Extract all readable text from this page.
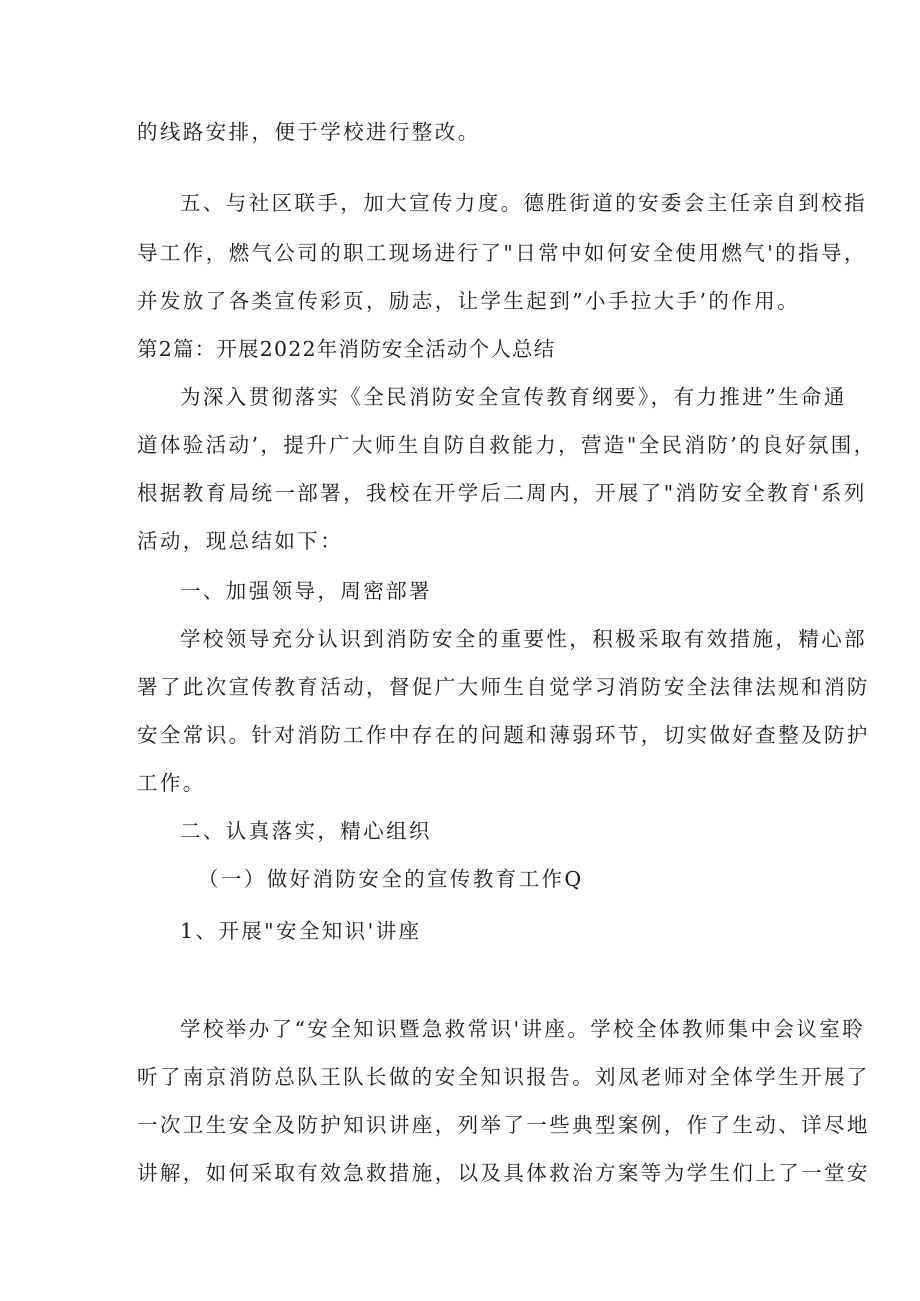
的线路安排，便于学校进行整改。
五、与社区联手，加大宣传力度。德胜街道的安委会主任亲自到校指
导工作，燃气公司的职工现场进行了"日常中如何安全使用燃气'的指导，
并发放了各类宣传彩页，励志，让学生起到”小手拉大手’的作用。
第2篇：开展2022年消防安全活动个人总结
为深入贯彻落实《全民消防安全宣传教育纲要》，有力推进”生命通
道体验活动’，提升广大师生自防自救能力，营造"全民消防’的良好氛围，
根据教育局统一部署，我校在开学后二周内，开展了"消防安全教育'系列
活动，现总结如下：
一、加强领导，周密部署
学校领导充分认识到消防安全的重要性，积极采取有效措施，精心部
署了此次宣传教育活动，督促广大师生自觉学习消防安全法律法规和消防
安全常识。针对消防工作中存在的问题和薄弱环节，切实做好查整及防护
工作。
二、认真落实，精心组织
（一）做好消防安全的宣传教育工作Q
1、开展"安全知识'讲座
学校举办了“安全知识暨急救常识'讲座。学校全体教师集中会议室聆
听了南京消防总队王队长做的安全知识报告。刘凤老师对全体学生开展了
一次卫生安全及防护知识讲座，列举了一些典型案例，作了生动、详尽地
讲解，如何采取有效急救措施，以及具体救治方案等为学生们上了一堂安
